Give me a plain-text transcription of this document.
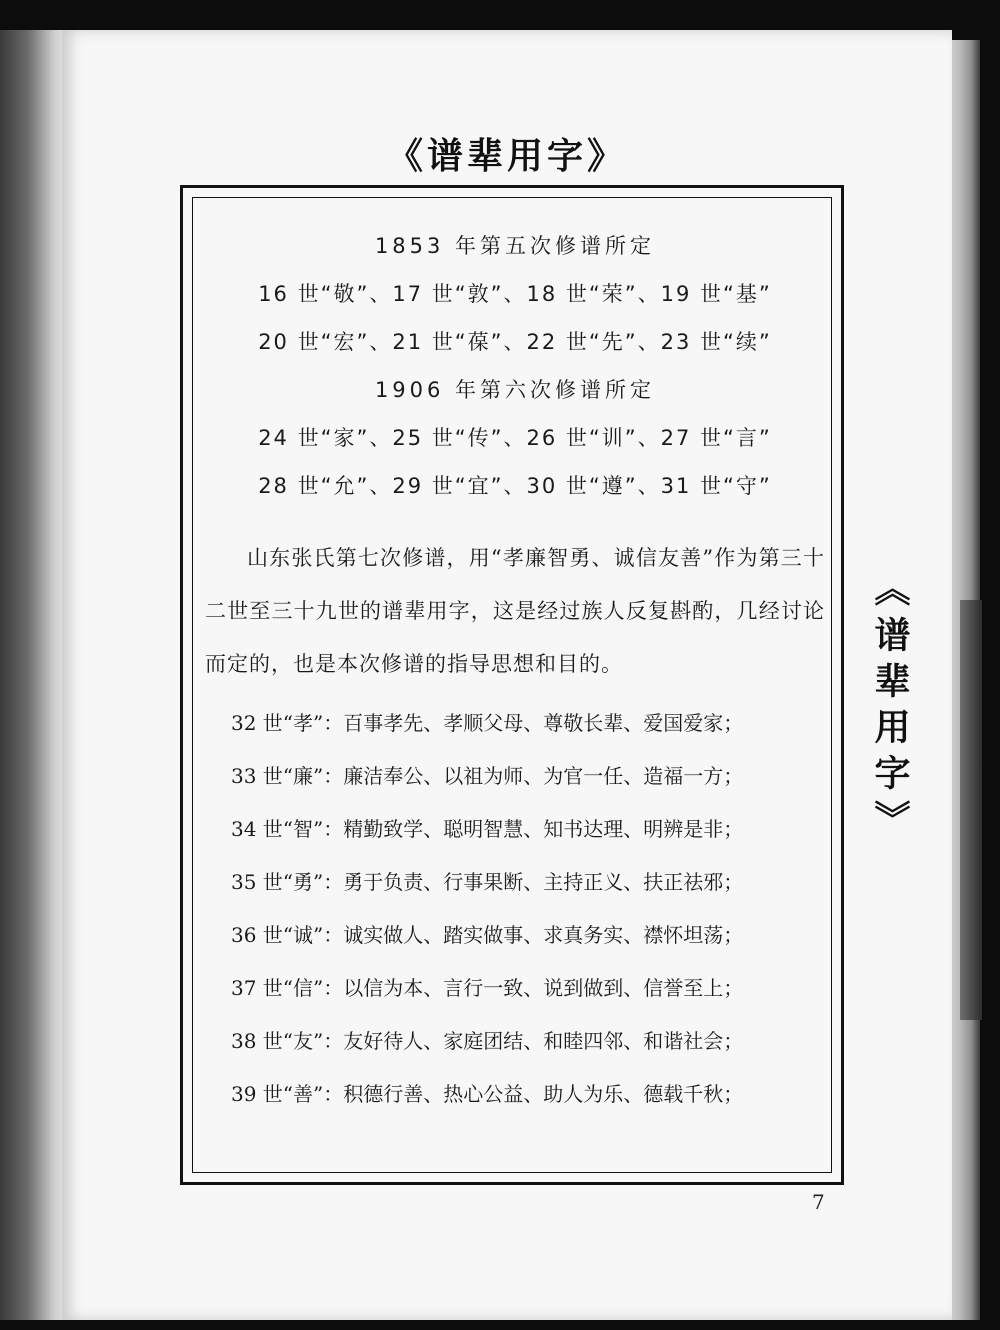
《谱辈用字》
1853 年第五次修谱所定
16 世“敬”、17 世“敦”、18 世“荣”、19 世“基”
20 世“宏”、21 世“葆”、22 世“先”、23 世“续”
1906 年第六次修谱所定
24 世“家”、25 世“传”、26 世“训”、27 世“言”
28 世“允”、29 世“宜”、30 世“遵”、31 世“守”
山东张氏第七次修谱，用“孝廉智勇、诚信友善”作为第三十二世至三十九世的谱辈用字，这是经过族人反复斟酌，几经讨论而定的，也是本次修谱的指导思想和目的。
32 世“孝”：百事孝先、孝顺父母、尊敬长辈、爱国爱家；
33 世“廉”：廉洁奉公、以祖为师、为官一任、造福一方；
34 世“智”：精勤致学、聪明智慧、知书达理、明辨是非；
35 世“勇”：勇于负责、行事果断、主持正义、扶正祛邪；
36 世“诚”：诚实做人、踏实做事、求真务实、襟怀坦荡；
37 世“信”：以信为本、言行一致、说到做到、信誉至上；
38 世“友”：友好待人、家庭团结、和睦四邻、和谐社会；
39 世“善”：积德行善、热心公益、助人为乐、德载千秋；
《谱辈用字》
7
